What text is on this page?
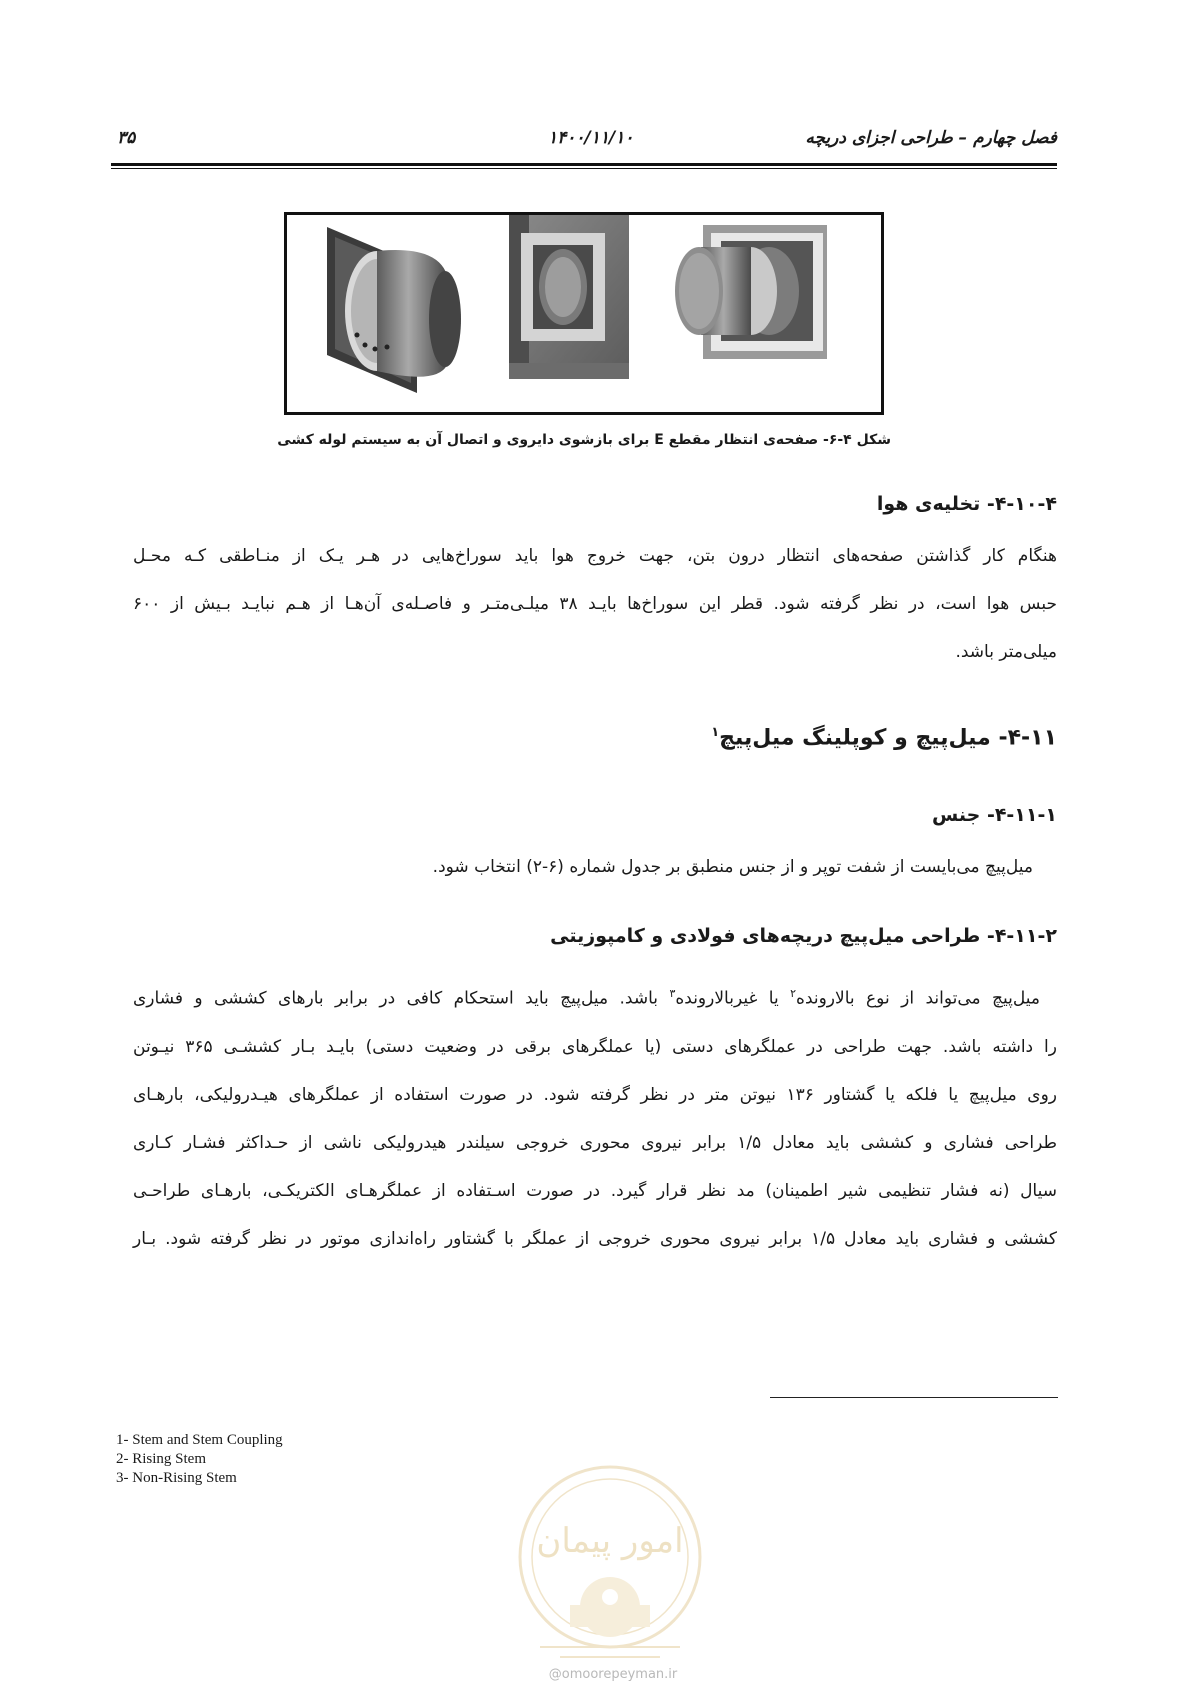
۳۵	۱۴۰۰/۱۱/۱۰	فصل چهارم – طراحی اجزای دریچه
شکل ۴-۶- صفحه‌ی انتظار مقطع E برای بازشوی دایروی و اتصال آن به سیستم لوله کشی
۴-۱۰-۴- تخلیه‌ی هوا
هنگام کار گذاشتن صفحه‌های انتظار درون بتن، جهت خروج هوا باید سوراخ‌هایی در هـر یـک از منـاطقی کـه محـل
حبس هوا است، در نظر گرفته شود. قطر این سوراخ‌ها بایـد ۳۸ میلـی‌متـر و فاصـله‌ی آن‌هـا از هـم نبایـد بـیش از ۶۰۰
میلی‌متر باشد.
۴-۱۱- میل‌پیچ و کوپلینگ میل‌پیچ$^۱$
۴-۱۱-۱- جنس
میل‌پیچ می‌بایست از شفت توپر و از جنس منطبق بر جدول شماره (۶-۲) انتخاب شود.
۴-۱۱-۲- طراحی میل‌پیچ دریچه‌های فولادی و کامپوزیتی
 میل‌پیچ می‌تواند از نوع بالارونده$^۲$ یا غیربالارونده$^۳$ باشد. میل‌پیچ باید استحکام کافی در برابر بارهای کششی و فشاری
را داشته باشد. جهت طراحی در عملگرهای دستی (یا عملگرهای برقی در وضعیت دستی) بایـد بـار کششـی ۳۶۵ نیـوتن
روی میل‌پیچ یا فلکه یا گشتاور ۱۳۶ نیوتن متر در نظر گرفته شود. در صورت استفاده از عملگرهای هیـدرولیکی، بارهـای
طراحی فشاری و کششی باید معادل ۱/۵ برابر نیروی محوری خروجی سیلندر هیدرولیکی ناشی از حـداکثر فشـار کـاری
سیال (نه فشار تنظیمی شیر اطمینان) مد نظر قرار گیرد. در صورت اسـتفاده از عملگرهـای الکتریکـی، بارهـای طراحـی
کششی و فشاری باید معادل ۱/۵ برابر نیروی محوری خروجی از عملگر با گشتاور راه‌اندازی موتور در نظر گرفته شود. بـار
1- Stem and Stem Coupling
2- Rising Stem
3- Non-Rising Stem
امور پیمان
@omoorepeyman.ir
